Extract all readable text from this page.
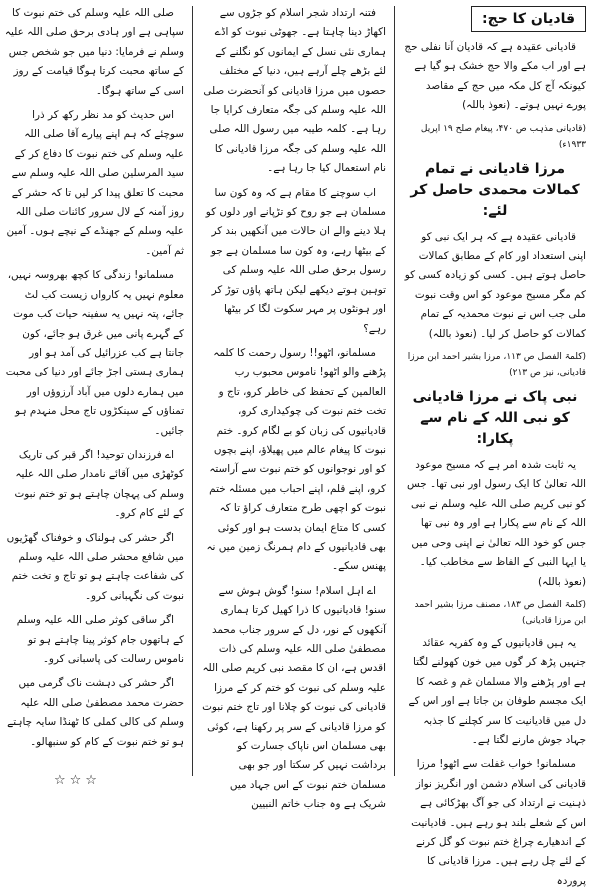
قادیان کا حج:

قادیانی عقیدہ ہے کہ قادیان آنا نفلی حج ہے اور اب مکے والا حج خشک ہو گیا ہے کیونکہ آج کل مکہ میں حج کے مقاصد پورے نہیں ہوتے۔ (نعوذ باللہ)

(قادیانی مذہب ص ۴۷۰، پیغام صلح ۱۹ اپریل ۱۹۳۳ء)

مرزا قادیانی نے تمام کمالات محمدی حاصل کر لئے:

قادیانی عقیدہ ہے کہ ہر ایک نبی کو اپنی استعداد اور کام کے مطابق کمالات حاصل ہوتے ہیں۔ کسی کو زیادہ کسی کو کم مگر مسیح موعود کو اس وقت نبوت ملی جب اس نے نبوت محمدیہ کے تمام کمالات کو حاصل کر لیا۔ (نعوذ باللہ)

(کلمۃ الفصل ص ۱۱۳، مرزا بشیر احمد ابن مرزا قادیانی، نیز ص ۲۱۳)

نبی پاک نے مرزا قادیانی کو نبی اللہ کے نام سے پکارا:

یہ ثابت شدہ امر ہے کہ مسیح موعود اللہ تعالیٰ کا ایک رسول اور نبی تھا۔ جس کو نبی کریم صلی اللہ علیہ وسلم نے نبی اللہ کے نام سے پکارا ہے اور وہ نبی تھا جس کو خود اللہ تعالیٰ نے اپنی وحی میں یا ایہا النبی کے الفاظ سے مخاطب کیا۔ (نعوذ باللہ)

(کلمۃ الفصل ص ۱۸۳، مصنف مرزا بشیر احمد ابن مرزا قادیانی)

یہ ہیں قادیانیوں کے وہ کفریہ عقائد جنہیں پڑھ کر گوں میں خون کھولنے لگتا ہے اور پڑھنے والا مسلمان غم و غصہ کا ایک مجسم طوفان بن جاتا ہے اور اس کے دل میں قادیانیت کا سر کچلنے کا جذبہ جہاد جوش مارنے لگتا ہے۔

مسلمانو! خواب غفلت سے اٹھو! مرزا قادیانی کی اسلام دشمن اور انگریز نواز ذہنیت نے ارتداد کی جو آگ بھڑکائی ہے اس کے شعلے بلند ہو رہے ہیں۔ قادیانیت کے اندھیارے چراغ ختم نبوت کو گل کرنے کے لئے چل رہے ہیں۔ مرزا قادیانی کا پروردہ

فتنہ ارتداد شجر اسلام کو جڑوں سے اکھاڑ دینا چاہتا ہے۔ جھوٹی نبوت کو اڈے ہماری نئی نسل کے ایمانوں کو نگلنے کے لئے بڑھے چلے آرہے ہیں، دنیا کے مختلف حصوں میں مرزا قادیانی کو آنحضرت صلی اللہ علیہ وسلم کی جگہ متعارف کرایا جا رہا ہے۔ کلمہ طیبہ میں رسول اللہ صلی اللہ علیہ وسلم کی جگہ مرزا قادیانی کا نام استعمال کیا جا رہا ہے۔

اب سوچنے کا مقام ہے کہ وہ کون سا مسلمان ہے جو روح کو تڑپانے اور دلوں کو ہلا دینے والے ان حالات میں آنکھیں بند کر کے بیٹھا رہے، وہ کون سا مسلمان ہے جو رسول برحق صلی اللہ علیہ وسلم کی توہین ہوتے دیکھے لیکن ہاتھ پاؤں توڑ کر اور ہونٹوں پر مہر سکوت لگا کر بیٹھا رہے؟

مسلمانو، اٹھو!! رسول رحمت کا کلمہ پڑھنے والو اٹھو! ناموس محبوب رب العالمین کے تحفظ کی خاطر کرو، تاج و تخت ختم نبوت کی چوکیداری کرو، قادیانیوں کی زبان کو بے لگام کرو۔ ختم نبوت کا پیغام عالم میں پھیلاؤ، اپنے بچوں کو اور نوجوانوں کو ختم نبوت سے آراستہ کرو، اپنے قلم، اپنے احباب میں مسئلہ ختم نبوت کو اچھی طرح متعارف کراؤ تا کہ کسی کا متاع ایمان بدست ہو اور کوئی بھی قادیانیوں کے دام ہمرنگ زمین میں نہ پھنس سکے۔

اے اہل اسلام! سنو! گوش ہوش سے سنو! قادیانیوں کا ذرا کھیل کرتا ہماری آنکھوں کے نور، دل کے سرور جناب محمد مصطفیٰ صلی اللہ علیہ وسلم کی ذات اقدس ہے، ان کا مقصد نبی کریم صلی اللہ علیہ وسلم کی نبوت کو ختم کر کے مرزا قادیانی کی نبوت کو چلانا اور تاج ختم نبوت کو مرزا قادیانی کے سر پر رکھنا ہے، کوئی بھی مسلمان اس ناپاک جسارت کو برداشت نہیں کر سکتا اور جو بھی مسلمان ختم نبوت کے اس جہاد میں شریک ہے وہ جناب خاتم النبیین

صلی اللہ علیہ وسلم کی ختم نبوت کا سپاہی ہے اور ہادی برحق صلی اللہ علیہ وسلم نے فرمایا: دنیا میں جو شخص جس کے ساتھ محبت کرتا ہوگا قیامت کے روز اسی کے ساتھ ہوگا۔

اس حدیث کو مد نظر رکھ کر ذرا سوچئے کہ ہم اپنے پیارے آقا صلی اللہ علیہ وسلم کی ختم نبوت کا دفاع کر کے سید المرسلین صلی اللہ علیہ وسلم سے محبت کا تعلق پیدا کر لیں تا کہ حشر کے روز آمنہ کے لال سرور کائنات صلی اللہ علیہ وسلم کے جھنڈے کے نیچے ہوں۔ آمین ثم آمین۔

مسلمانو! زندگی کا کچھ بھروسہ نہیں، معلوم نہیں یہ کارواں زیست کب لٹ جائے، پتہ نہیں یہ سفینہ حیات کب موت کے گہرے پانی میں غرق ہو جائے، کون جانتا ہے کب عزرائیل کی آمد ہو اور ہماری ہستی اجڑ جائے اور دنیا کی محبت میں ہمارے دلوں میں آباد آرزوؤں اور تمناؤں کے سینکڑوں تاج محل منہدم ہو جائیں۔

اے فرزندان توحید! اگر قبر کی تاریک کوٹھڑی میں آقائے نامدار صلی اللہ علیہ وسلم کی پہچان چاہتے ہو تو ختم نبوت کے لئے کام کرو۔

اگر حشر کی ہولناک و خوفناک گھڑیوں میں شافع محشر صلی اللہ علیہ وسلم کی شفاعت چاہتے ہو تو تاج و تخت ختم نبوت کی نگہبانی کرو۔

اگر ساقی کوثر صلی اللہ علیہ وسلم کے ہاتھوں جام کوثر پینا چاہتے ہو تو ناموس رسالت کی پاسبانی کرو۔

اگر حشر کی دہشت ناک گرمی میں حضرت محمد مصطفیٰ صلی اللہ علیہ وسلم کی کالی کملی کا ٹھنڈا سایہ چاہتے ہو تو ختم نبوت کے کام کو سنبھالو۔

☆☆☆
